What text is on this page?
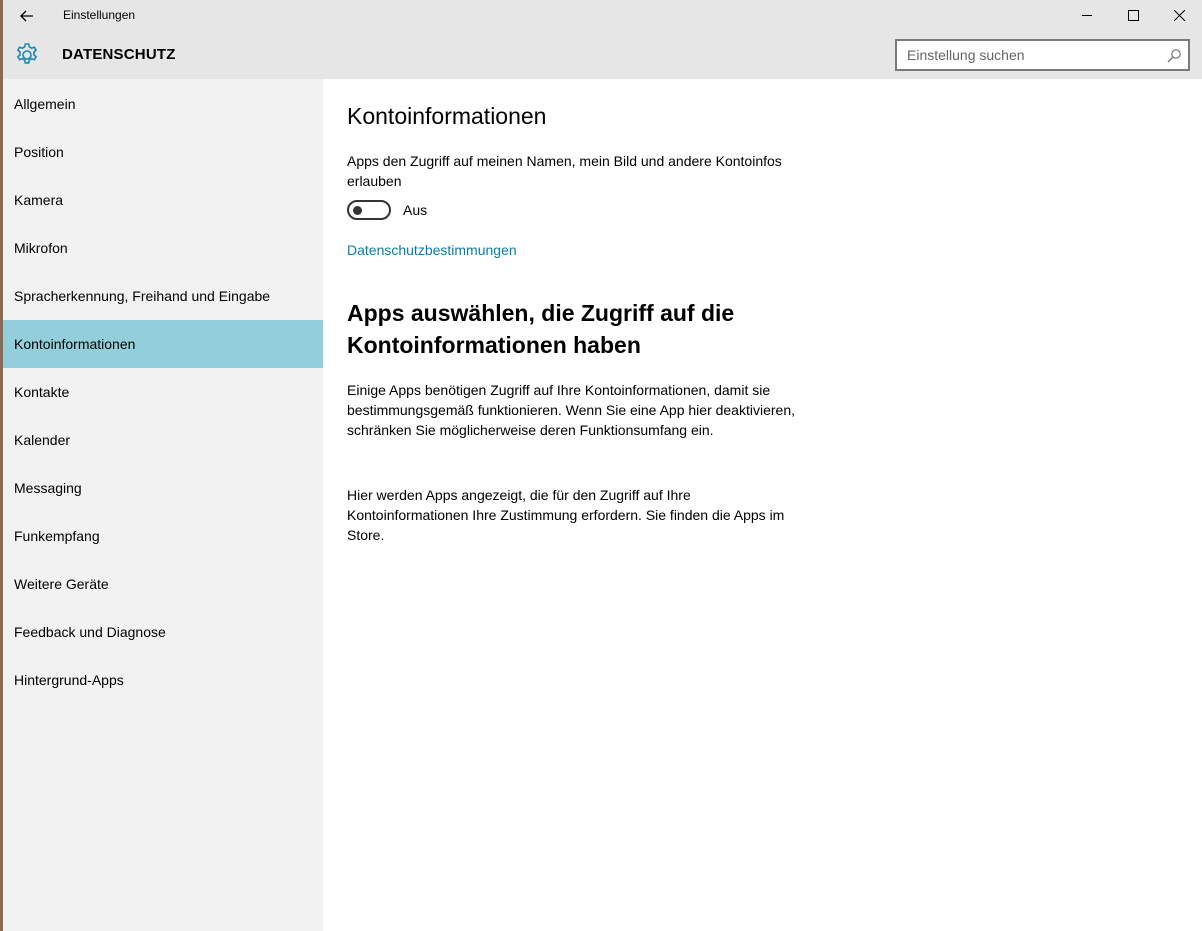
Einstellungen
DATENSCHUTZ
Einstellung suchen
Allgemein
Position
Kamera
Mikrofon
Spracherkennung, Freihand und Eingabe
Kontoinformationen
Kontakte
Kalender
Messaging
Funkempfang
Weitere Geräte
Feedback und Diagnose
Hintergrund-Apps
Kontoinformationen

Apps den Zugriff auf meinen Namen, mein Bild und andere Kontoinfos erlauben

Aus
Datenschutzbestimmungen
Apps auswählen, die Zugriff auf die Kontoinformationen haben

Einige Apps benötigen Zugriff auf Ihre Kontoinformationen, damit sie bestimmungsgemäß funktionieren. Wenn Sie eine App hier deaktivieren, schränken Sie möglicherweise deren Funktionsumfang ein.

Hier werden Apps angezeigt, die für den Zugriff auf Ihre Kontoinformationen Ihre Zustimmung erfordern. Sie finden die Apps im Store.
